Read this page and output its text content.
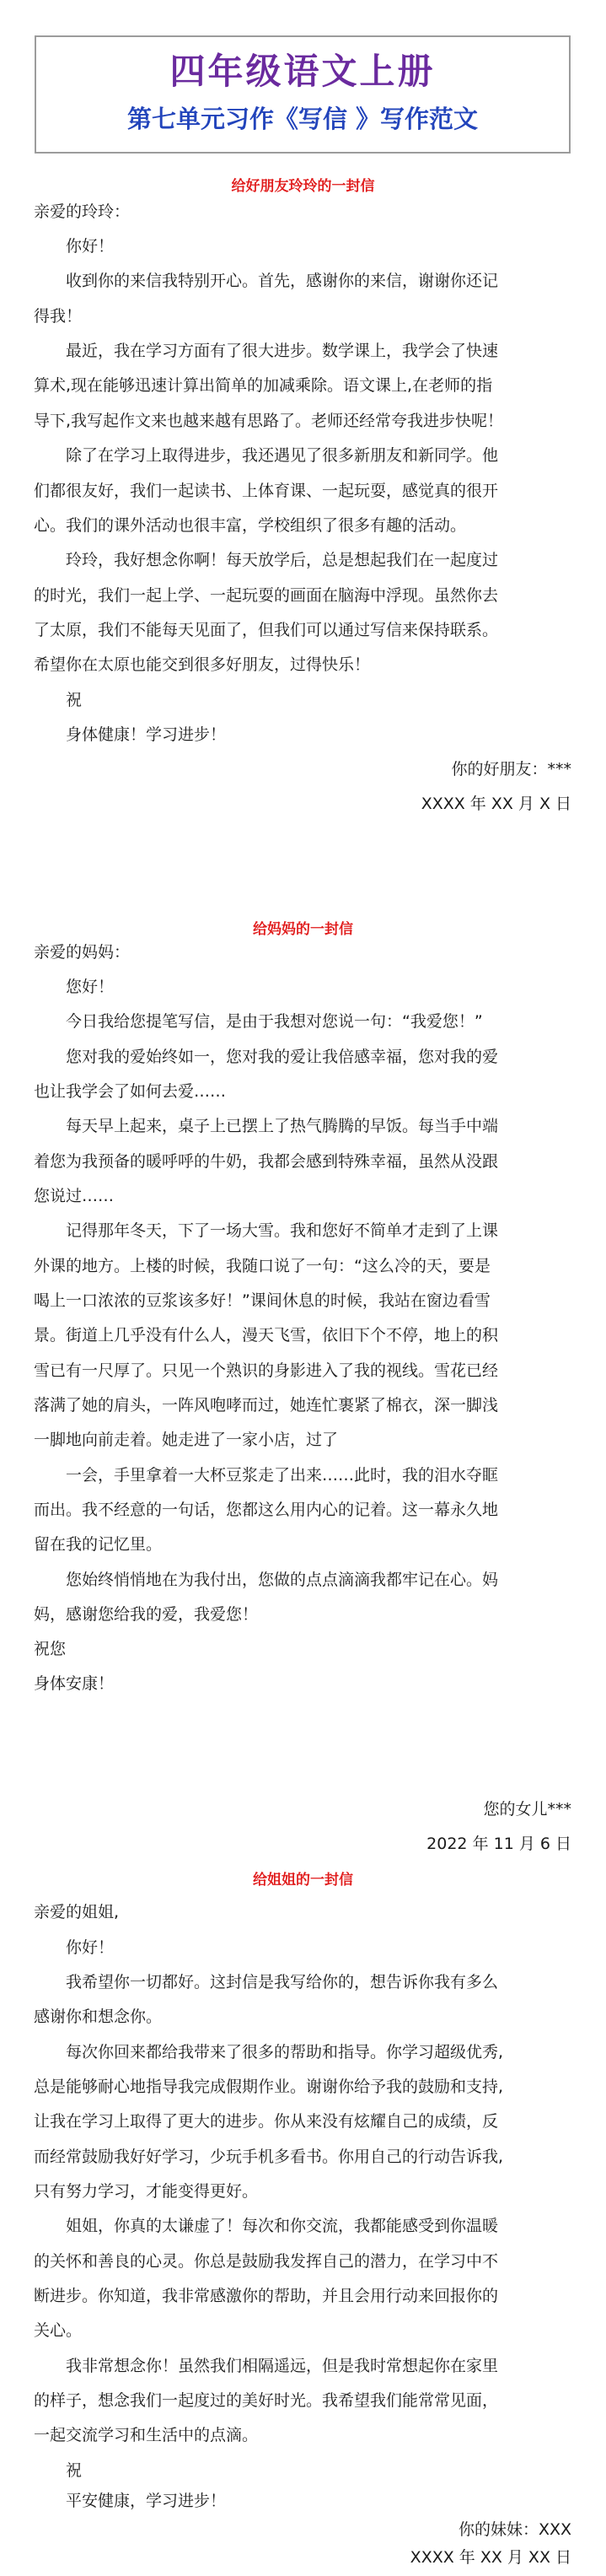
四年级语文上册
第七单元习作《写信 》写作范文
给好朋友玲玲的一封信
亲爱的玲玲：
你好！
收到你的来信我特别开心。首先，感谢你的来信，谢谢你还记
得我！
最近，我在学习方面有了很大进步。数学课上，我学会了快速
算术,现在能够迅速计算出简单的加减乘除。语文课上,在老师的指
导下,我写起作文来也越来越有思路了。老师还经常夸我进步快呢！
除了在学习上取得进步，我还遇见了很多新朋友和新同学。他
们都很友好，我们一起读书、上体育课、一起玩耍，感觉真的很开
心。我们的课外活动也很丰富，学校组织了很多有趣的活动。
玲玲，我好想念你啊！每天放学后，总是想起我们在一起度过
的时光，我们一起上学、一起玩耍的画面在脑海中浮现。虽然你去
了太原，我们不能每天见面了，但我们可以通过写信来保持联系。
希望你在太原也能交到很多好朋友，过得快乐！
祝
身体健康！学习进步！
你的好朋友：***
XXXX 年 XX 月 X 日
给妈妈的一封信
亲爱的妈妈：
您好！
今日我给您提笔写信，是由于我想对您说一句：“我爱您！”
您对我的爱始终如一，您对我的爱让我倍感幸福，您对我的爱
也让我学会了如何去爱……
每天早上起来，桌子上已摆上了热气腾腾的早饭。每当手中端
着您为我预备的暖呼呼的牛奶，我都会感到特殊幸福，虽然从没跟
您说过……
记得那年冬天，下了一场大雪。我和您好不简单才走到了上课
外课的地方。上楼的时候，我随口说了一句：“这么冷的天，要是
喝上一口浓浓的豆浆该多好！”课间休息的时候，我站在窗边看雪
景。街道上几乎没有什么人，漫天飞雪，依旧下个不停，地上的积
雪已有一尺厚了。只见一个熟识的身影进入了我的视线。雪花已经
落满了她的肩头，一阵风咆哮而过，她连忙裹紧了棉衣，深一脚浅
一脚地向前走着。她走进了一家小店，过了
一会，手里拿着一大杯豆浆走了出来……此时，我的泪水夺眶
而出。我不经意的一句话，您都这么用内心的记着。这一幕永久地
留在我的记忆里。
您始终悄悄地在为我付出，您做的点点滴滴我都牢记在心。妈
妈，感谢您给我的爱，我爱您！
祝您
身体安康！
您的女儿***
2022 年 11 月 6 日
给姐姐的一封信
亲爱的姐姐,
你好！
我希望你一切都好。这封信是我写给你的，想告诉你我有多么
感谢你和想念你。
每次你回来都给我带来了很多的帮助和指导。你学习超级优秀,
总是能够耐心地指导我完成假期作业。谢谢你给予我的鼓励和支持,
让我在学习上取得了更大的进步。你从来没有炫耀自己的成绩，反
而经常鼓励我好好学习，少玩手机多看书。你用自己的行动告诉我,
只有努力学习，才能变得更好。
姐姐，你真的太谦虚了！每次和你交流，我都能感受到你温暖
的关怀和善良的心灵。你总是鼓励我发挥自己的潜力，在学习中不
断进步。你知道，我非常感激你的帮助，并且会用行动来回报你的
关心。
我非常想念你！虽然我们相隔遥远，但是我时常想起你在家里
的样子，想念我们一起度过的美好时光。我希望我们能常常见面，
一起交流学习和生活中的点滴。
祝
平安健康，学习进步！
你的妹妹：XXX
XXXX 年 XX 月 XX 日
